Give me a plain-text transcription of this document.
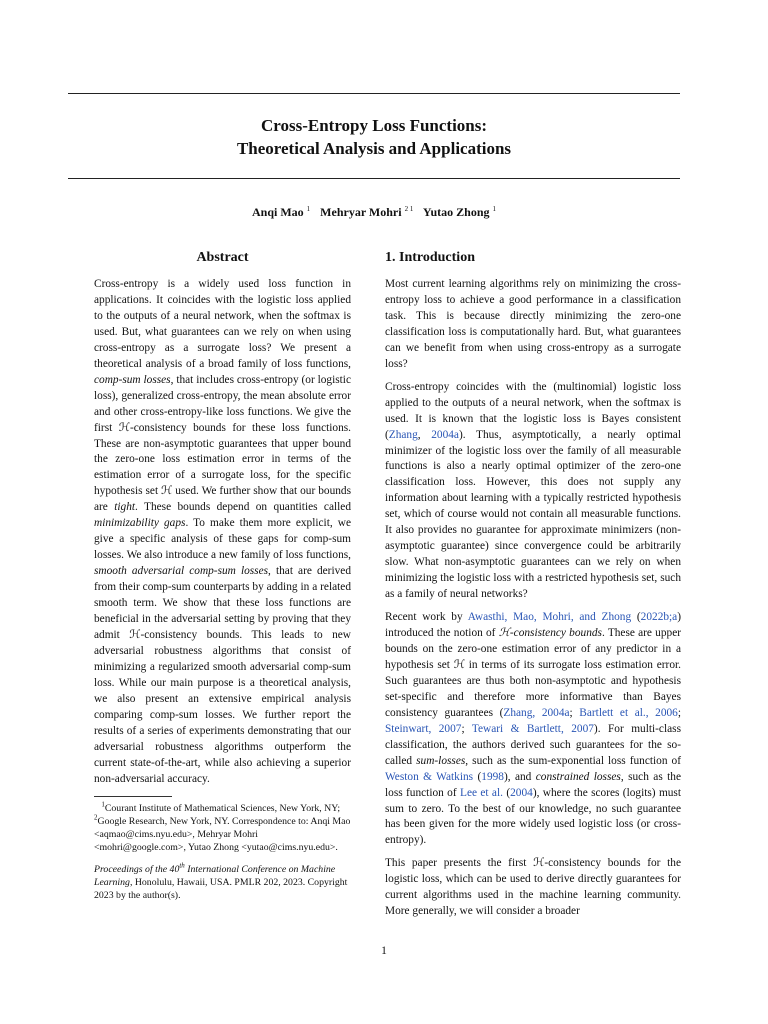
Cross-Entropy Loss Functions:
Theoretical Analysis and Applications
Anqi Mao $^1$ Mehryar Mohri $^{2 1}$ Yutao Zhong $^1$
Abstract

Cross-entropy is a widely used loss function in applications. It coincides with the logistic loss applied to the outputs of a neural network, when the softmax is used. But, what guarantees can we rely on when using cross-entropy as a surrogate loss? We present a theoretical analysis of a broad family of loss functions, comp-sum losses, that includes cross-entropy (or logistic loss), generalized cross-entropy, the mean absolute error and other cross-entropy-like loss functions. We give the first ℋ-consistency bounds for these loss functions. These are non-asymptotic guarantees that upper bound the zero-one loss estimation error in terms of the estimation error of a surrogate loss, for the specific hypothesis set ℋ used. We further show that our bounds are tight. These bounds depend on quantities called minimizability gaps. To make them more explicit, we give a specific analysis of these gaps for comp-sum losses. We also introduce a new family of loss functions, smooth adversarial comp-sum losses, that are derived from their comp-sum counterparts by adding in a related smooth term. We show that these loss functions are beneficial in the adversarial setting by proving that they admit ℋ-consistency bounds. This leads to new adversarial robustness algorithms that consist of minimizing a regularized smooth adversarial comp-sum loss. While our main purpose is a theoretical analysis, we also present an extensive empirical analysis comparing comp-sum losses. We further report the results of a series of experiments demonstrating that our adversarial robustness algorithms outperform the current state-of-the-art, while also achieving a superior non-adversarial accuracy.

$^1$Courant Institute of Mathematical Sciences, New York, NY;
$^2$Google Research, New York, NY. Correspondence to: Anqi Mao <aqmao@cims.nyu.edu>, Mehryar Mohri <mohri@google.com>, Yutao Zhong <yutao@cims.nyu.edu>.

Proceedings of the 40th International Conference on Machine Learning, Honolulu, Hawaii, USA. PMLR 202, 2023. Copyright 2023 by the author(s).

1. Introduction

Most current learning algorithms rely on minimizing the cross-entropy loss to achieve a good performance in a classification task. This is because directly minimizing the zero-one classification loss is computationally hard. But, what guarantees can we benefit from when using cross-entropy as a surrogate loss?

Cross-entropy coincides with the (multinomial) logistic loss applied to the outputs of a neural network, when the softmax is used. It is known that the logistic loss is Bayes consistent (Zhang, 2004a). Thus, asymptotically, a nearly optimal minimizer of the logistic loss over the family of all measurable functions is also a nearly optimal optimizer of the zero-one classification loss. However, this does not supply any information about learning with a typically restricted hypothesis set, which of course would not contain all measurable functions. It also provides no guarantee for approximate minimizers (non-asymptotic guarantee) since convergence could be arbitrarily slow. What non-asymptotic guarantees can we rely on when minimizing the logistic loss with a restricted hypothesis set, such as a family of neural networks?

Recent work by Awasthi, Mao, Mohri, and Zhong (2022b;a) introduced the notion of ℋ-consistency bounds. These are upper bounds on the zero-one estimation error of any predictor in a hypothesis set ℋ in terms of its surrogate loss estimation error. Such guarantees are thus both non-asymptotic and hypothesis set-specific and therefore more informative than Bayes consistency guarantees (Zhang, 2004a; Bartlett et al., 2006; Steinwart, 2007; Tewari & Bartlett, 2007). For multi-class classification, the authors derived such guarantees for the so-called sum-losses, such as the sum-exponential loss function of Weston & Watkins (1998), and constrained losses, such as the loss function of Lee et al. (2004), where the scores (logits) must sum to zero. To the best of our knowledge, no such guarantee has been given for the more widely used logistic loss (or cross-entropy).

This paper presents the first ℋ-consistency bounds for the logistic loss, which can be used to derive directly guarantees for current algorithms used in the machine learning community. More generally, we will consider a broader

1
